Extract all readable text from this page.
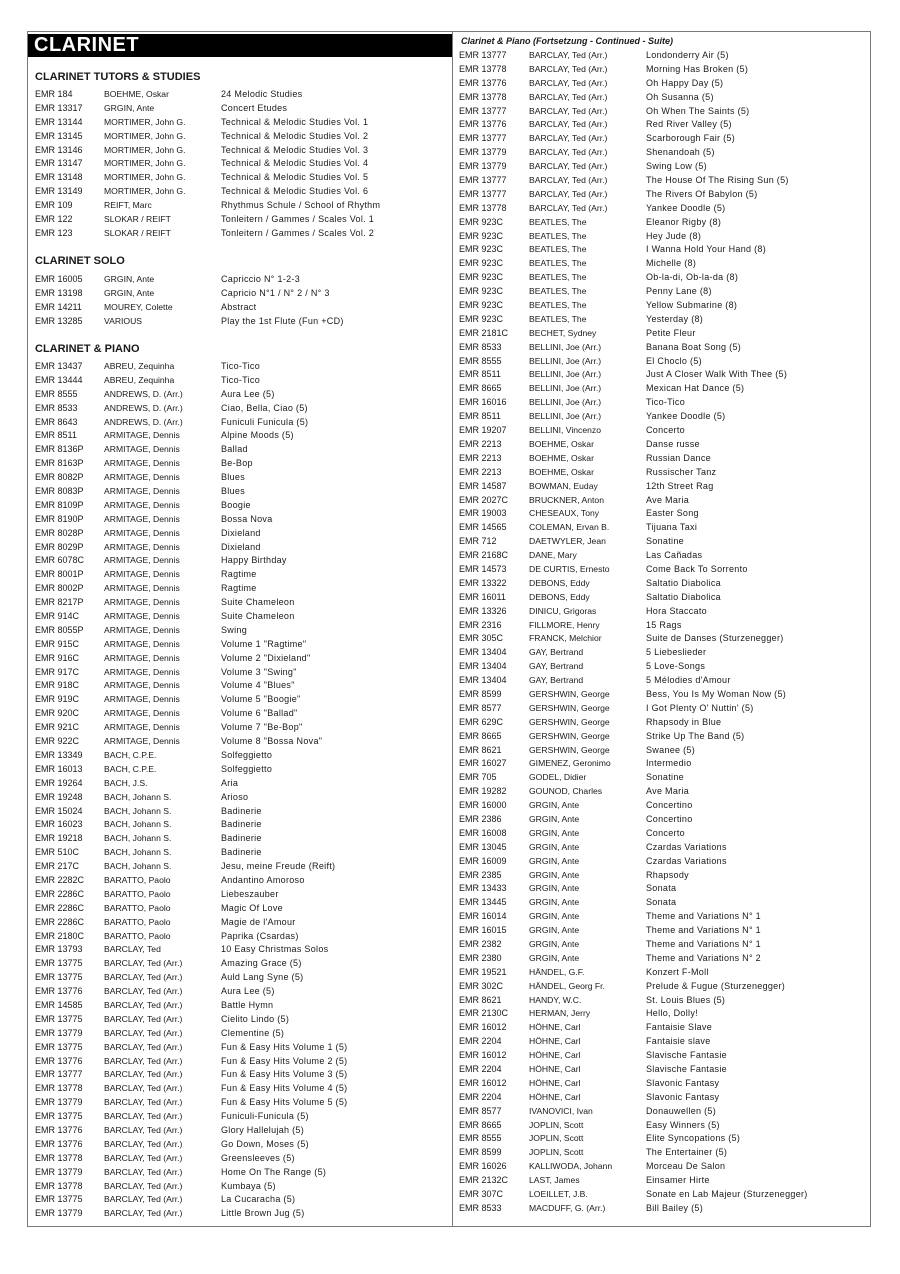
CLARINET
CLARINET TUTORS & STUDIES
EMR 184	BOEHME, Oskar	24 Melodic Studies
EMR 13317	GRGIN, Ante	Concert Etudes
EMR 13144	MORTIMER, John G.	Technical & Melodic Studies Vol. 1
EMR 13145	MORTIMER, John G.	Technical & Melodic Studies Vol. 2
EMR 13146	MORTIMER, John G.	Technical & Melodic Studies Vol. 3
EMR 13147	MORTIMER, John G.	Technical & Melodic Studies Vol. 4
EMR 13148	MORTIMER, John G.	Technical & Melodic Studies Vol. 5
EMR 13149	MORTIMER, John G.	Technical & Melodic Studies Vol. 6
EMR 109	REIFT, Marc	Rhythmus Schule / School of Rhythm
EMR 122	SLOKAR / REIFT	Tonleitern / Gammes / Scales Vol. 1
EMR 123	SLOKAR / REIFT	Tonleitern / Gammes / Scales Vol. 2
CLARINET SOLO
EMR 16005	GRGIN, Ante	Capriccio N° 1-2-3
EMR 13198	GRGIN, Ante	Capricio N°1 / N° 2 / N° 3
EMR 14211	MOUREY, Colette	Abstract
EMR 13285	VARIOUS	Play the 1st Flute (Fun +CD)
CLARINET & PIANO
EMR 13437	ABREU, Zequinha	Tico-Tico
EMR 13444	ABREU, Zequinha	Tico-Tico
EMR 8555	ANDREWS, D. (Arr.)	Aura Lee (5)
EMR 8533	ANDREWS, D. (Arr.)	Ciao, Bella, Ciao (5)
EMR 8643	ANDREWS, D. (Arr.)	Funiculi Funicula (5)
EMR 8511	ARMITAGE, Dennis	Alpine Moods (5)
EMR 8136P	ARMITAGE, Dennis	Ballad
EMR 8163P	ARMITAGE, Dennis	Be-Bop
EMR 8082P	ARMITAGE, Dennis	Blues
EMR 8083P	ARMITAGE, Dennis	Blues
EMR 8109P	ARMITAGE, Dennis	Boogie
EMR 8190P	ARMITAGE, Dennis	Bossa Nova
EMR 8028P	ARMITAGE, Dennis	Dixieland
EMR 8029P	ARMITAGE, Dennis	Dixieland
EMR 6078C	ARMITAGE, Dennis	Happy Birthday
EMR 8001P	ARMITAGE, Dennis	Ragtime
EMR 8002P	ARMITAGE, Dennis	Ragtime
EMR 8217P	ARMITAGE, Dennis	Suite Chameleon
EMR 914C	ARMITAGE, Dennis	Suite Chameleon
EMR 8055P	ARMITAGE, Dennis	Swing
EMR 915C	ARMITAGE, Dennis	Volume 1 "Ragtime"
EMR 916C	ARMITAGE, Dennis	Volume 2 "Dixieland"
EMR 917C	ARMITAGE, Dennis	Volume 3 "Swing"
EMR 918C	ARMITAGE, Dennis	Volume 4 "Blues"
EMR 919C	ARMITAGE, Dennis	Volume 5 "Boogie"
EMR 920C	ARMITAGE, Dennis	Volume 6 "Ballad"
EMR 921C	ARMITAGE, Dennis	Volume 7 "Be-Bop"
EMR 922C	ARMITAGE, Dennis	Volume 8 "Bossa Nova"
EMR 13349	BACH, C.P.E.	Solfeggietto
EMR 16013	BACH, C.P.E.	Solfeggietto
EMR 19264	BACH, J.S.	Aria
EMR 19248	BACH, Johann S.	Arioso
EMR 15024	BACH, Johann S.	Badinerie
EMR 16023	BACH, Johann S.	Badinerie
EMR 19218	BACH, Johann S.	Badinerie
EMR 510C	BACH, Johann S.	Badinerie
EMR 217C	BACH, Johann S.	Jesu, meine Freude (Reift)
EMR 2282C	BARATTO, Paolo	Andantino Amoroso
EMR 2286C	BARATTO, Paolo	Liebeszauber
EMR 2286C	BARATTO, Paolo	Magic Of Love
EMR 2286C	BARATTO, Paolo	Magie de l'Amour
EMR 2180C	BARATTO, Paolo	Paprika (Csardas)
EMR 13793	BARCLAY, Ted	10 Easy Christmas Solos
EMR 13775	BARCLAY, Ted (Arr.)	Amazing Grace (5)
EMR 13775	BARCLAY, Ted (Arr.)	Auld Lang Syne (5)
EMR 13776	BARCLAY, Ted (Arr.)	Aura Lee (5)
EMR 14585	BARCLAY, Ted (Arr.)	Battle Hymn
EMR 13775	BARCLAY, Ted (Arr.)	Cielito Lindo (5)
EMR 13779	BARCLAY, Ted (Arr.)	Clementine (5)
EMR 13775	BARCLAY, Ted (Arr.)	Fun & Easy Hits Volume 1 (5)
EMR 13776	BARCLAY, Ted (Arr.)	Fun & Easy Hits Volume 2 (5)
EMR 13777	BARCLAY, Ted (Arr.)	Fun & Easy Hits Volume 3 (5)
EMR 13778	BARCLAY, Ted (Arr.)	Fun & Easy Hits Volume 4 (5)
EMR 13779	BARCLAY, Ted (Arr.)	Fun & Easy Hits Volume 5 (5)
EMR 13775	BARCLAY, Ted (Arr.)	Funiculi-Funicula (5)
EMR 13776	BARCLAY, Ted (Arr.)	Glory Hallelujah (5)
EMR 13776	BARCLAY, Ted (Arr.)	Go Down, Moses (5)
EMR 13778	BARCLAY, Ted (Arr.)	Greensleeves (5)
EMR 13779	BARCLAY, Ted (Arr.)	Home On The Range (5)
EMR 13778	BARCLAY, Ted (Arr.)	Kumbaya (5)
EMR 13775	BARCLAY, Ted (Arr.)	La Cucaracha (5)
EMR 13779	BARCLAY, Ted (Arr.)	Little Brown Jug (5)
Clarinet & Piano (Fortsetzung - Continued - Suite)
EMR 13777	BARCLAY, Ted (Arr.)	Londonderry Air (5)
EMR 13778	BARCLAY, Ted (Arr.)	Morning Has Broken (5)
EMR 13776	BARCLAY, Ted (Arr.)	Oh Happy Day (5)
EMR 13778	BARCLAY, Ted (Arr.)	Oh Susanna (5)
EMR 13777	BARCLAY, Ted (Arr.)	Oh When The Saints (5)
EMR 13776	BARCLAY, Ted (Arr.)	Red River Valley (5)
EMR 13777	BARCLAY, Ted (Arr.)	Scarborough Fair (5)
EMR 13779	BARCLAY, Ted (Arr.)	Shenandoah (5)
EMR 13779	BARCLAY, Ted (Arr.)	Swing Low (5)
EMR 13777	BARCLAY, Ted (Arr.)	The House Of The Rising Sun (5)
EMR 13777	BARCLAY, Ted (Arr.)	The Rivers Of Babylon (5)
EMR 13778	BARCLAY, Ted (Arr.)	Yankee Doodle (5)
EMR 923C	BEATLES, The	Eleanor Rigby (8)
EMR 923C	BEATLES, The	Hey Jude (8)
EMR 923C	BEATLES, The	I Wanna Hold Your Hand (8)
EMR 923C	BEATLES, The	Michelle (8)
EMR 923C	BEATLES, The	Ob-la-di, Ob-la-da (8)
EMR 923C	BEATLES, The	Penny Lane (8)
EMR 923C	BEATLES, The	Yellow Submarine (8)
EMR 923C	BEATLES, The	Yesterday (8)
EMR 2181C	BECHET, Sydney	Petite Fleur
EMR 8533	BELLINI, Joe (Arr.)	Banana Boat Song (5)
EMR 8555	BELLINI, Joe (Arr.)	El Choclo (5)
EMR 8511	BELLINI, Joe (Arr.)	Just A Closer Walk With Thee (5)
EMR 8665	BELLINI, Joe (Arr.)	Mexican Hat Dance (5)
EMR 16016	BELLINI, Joe (Arr.)	Tico-Tico
EMR 8511	BELLINI, Joe (Arr.)	Yankee Doodle (5)
EMR 19207	BELLINI, Vincenzo	Concerto
EMR 2213	BOEHME, Oskar	Danse russe
EMR 2213	BOEHME, Oskar	Russian Dance
EMR 2213	BOEHME, Oskar	Russischer Tanz
EMR 14587	BOWMAN, Euday	12th Street Rag
EMR 2027C	BRUCKNER, Anton	Ave Maria
EMR 19003	CHESEAUX, Tony	Easter Song
EMR 14565	COLEMAN, Ervan B.	Tijuana Taxi
EMR 712	DAETWYLER, Jean	Sonatine
EMR 2168C	DANE, Mary	Las Cañadas
EMR 14573	DE CURTIS, Ernesto	Come Back To Sorrento
EMR 13322	DEBONS, Eddy	Saltatio Diabolica
EMR 16011	DEBONS, Eddy	Saltatio Diabolica
EMR 13326	DINICU, Grigoras	Hora Staccato
EMR 2316	FILLMORE, Henry	15 Rags
EMR 305C	FRANCK, Melchior	Suite de Danses (Sturzenegger)
EMR 13404	GAY, Bertrand	5 Liebeslieder
EMR 13404	GAY, Bertrand	5 Love-Songs
EMR 13404	GAY, Bertrand	5 Mélodies d'Amour
EMR 8599	GERSHWIN, George	Bess, You Is My Woman Now (5)
EMR 8577	GERSHWIN, George	I Got Plenty O' Nuttin' (5)
EMR 629C	GERSHWIN, George	Rhapsody in Blue
EMR 8665	GERSHWIN, George	Strike Up The Band (5)
EMR 8621	GERSHWIN, George	Swanee (5)
EMR 16027	GIMENEZ, Geronimo	Intermedio
EMR 705	GODEL, Didier	Sonatine
EMR 19282	GOUNOD, Charles	Ave Maria
EMR 16000	GRGIN, Ante	Concertino
EMR 2386	GRGIN, Ante	Concertino
EMR 16008	GRGIN, Ante	Concerto
EMR 13045	GRGIN, Ante	Czardas Variations
EMR 16009	GRGIN, Ante	Czardas Variations
EMR 2385	GRGIN, Ante	Rhapsody
EMR 13433	GRGIN, Ante	Sonata
EMR 13445	GRGIN, Ante	Sonata
EMR 16014	GRGIN, Ante	Theme and Variations N° 1
EMR 16015	GRGIN, Ante	Theme and Variations N° 1
EMR 2382	GRGIN, Ante	Theme and Variations N° 1
EMR 2380	GRGIN, Ante	Theme and Variations N° 2
EMR 19521	HÄNDEL, G.F.	Konzert F-Moll
EMR 302C	HÄNDEL, Georg Fr.	Prelude & Fugue (Sturzenegger)
EMR 8621	HANDY, W.C.	St. Louis Blues (5)
EMR 2130C	HERMAN, Jerry	Hello, Dolly!
EMR 16012	HÖHNE, Carl	Fantaisie Slave
EMR 2204	HÖHNE, Carl	Fantaisie slave
EMR 16012	HÖHNE, Carl	Slavische Fantasie
EMR 2204	HÖHNE, Carl	Slavische Fantasie
EMR 16012	HÖHNE, Carl	Slavonic Fantasy
EMR 2204	HÖHNE, Carl	Slavonic Fantasy
EMR 8577	IVANOVICI, Ivan	Donauwellen (5)
EMR 8665	JOPLIN, Scott	Easy Winners (5)
EMR 8555	JOPLIN, Scott	Elite Syncopations (5)
EMR 8599	JOPLIN, Scott	The Entertainer (5)
EMR 16026	KALLIWODA, Johann	Morceau De Salon
EMR 2132C	LAST, James	Einsamer Hirte
EMR 307C	LOEILLET, J.B.	Sonate en Lab Majeur (Sturzenegger)
EMR 8533	MACDUFF, G. (Arr.)	Bill Bailey (5)
